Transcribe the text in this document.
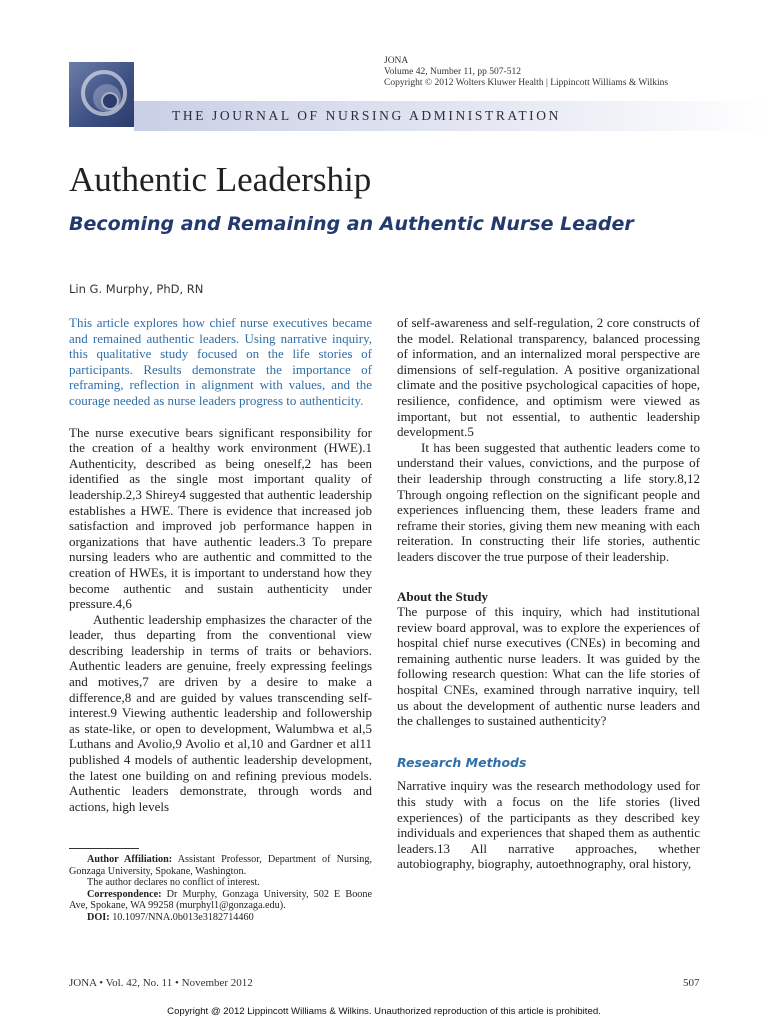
JONA
Volume 42, Number 11, pp 507-512
Copyright © 2012 Wolters Kluwer Health | Lippincott Williams & Wilkins
THE JOURNAL OF NURSING ADMINISTRATION
Authentic Leadership
Becoming and Remaining an Authentic Nurse Leader
Lin G. Murphy, PhD, RN

This article explores how chief nurse executives became and remained authentic leaders. Using narrative inquiry, this qualitative study focused on the life stories of participants. Results demonstrate the importance of reframing, reflection in alignment with values, and the courage needed as nurse leaders progress to authenticity.

The nurse executive bears significant responsibility for the creation of a healthy work environment (HWE).1 Authenticity, described as being oneself,2 has been identified as the single most important quality of leadership.2,3 Shirey4 suggested that authentic leadership establishes a HWE. There is evidence that increased job satisfaction and improved job performance happen in organizations that have authentic leaders.3 To prepare nursing leaders who are authentic and committed to the creation of HWEs, it is important to understand how they become authentic and sustain authenticity under pressure.4,6

Authentic leadership emphasizes the character of the leader, thus departing from the conventional view describing leadership in terms of traits or behaviors. Authentic leaders are genuine, freely expressing feelings and motives,7 are driven by a desire to make a difference,8 and are guided by values transcending self-interest.9 Viewing authentic leadership and followership as state-like, or open to development, Walumbwa et al,5 Luthans and Avolio,9 Avolio et al,10 and Gardner et al11 published 4 models of authentic leadership development, the latest one building on and refining previous models. Authentic leaders demonstrate, through words and actions, high levels

Author Affiliation: Assistant Professor, Department of Nursing, Gonzaga University, Spokane, Washington.

The author declares no conflict of interest.

Correspondence: Dr Murphy, Gonzaga University, 502 E Boone Ave, Spokane, WA 99258 (murphyl1@gonzaga.edu).

DOI: 10.1097/NNA.0b013e3182714460

of self-awareness and self-regulation, 2 core constructs of the model. Relational transparency, balanced processing of information, and an internalized moral perspective are dimensions of self-regulation. A positive organizational climate and the positive psychological capacities of hope, resilience, confidence, and optimism were viewed as important, but not essential, to authentic leadership development.5

It has been suggested that authentic leaders come to understand their values, convictions, and the purpose of their leadership through constructing a life story.8,12 Through ongoing reflection on the significant people and experiences influencing them, these leaders frame and reframe their stories, giving them new meaning with each reiteration. In constructing their life stories, authentic leaders discover the true purpose of their leadership.

About the Study

The purpose of this inquiry, which had institutional review board approval, was to explore the experiences of hospital chief nurse executives (CNEs) in becoming and remaining authentic nurse leaders. It was guided by the following research question: What can the life stories of hospital CNEs, examined through narrative inquiry, tell us about the development of authentic nurse leaders and the challenges to sustained authenticity?

Research Methods

Narrative inquiry was the research methodology used for this study with a focus on the life stories (lived experiences) of the participants as they described key individuals and experiences that shaped them as authentic leaders.13 All narrative approaches, whether autobiography, biography, autoethnography, oral history,

JONA • Vol. 42, No. 11 • November 2012	507
Copyright @ 2012 Lippincott Williams & Wilkins. Unauthorized reproduction of this article is prohibited.
